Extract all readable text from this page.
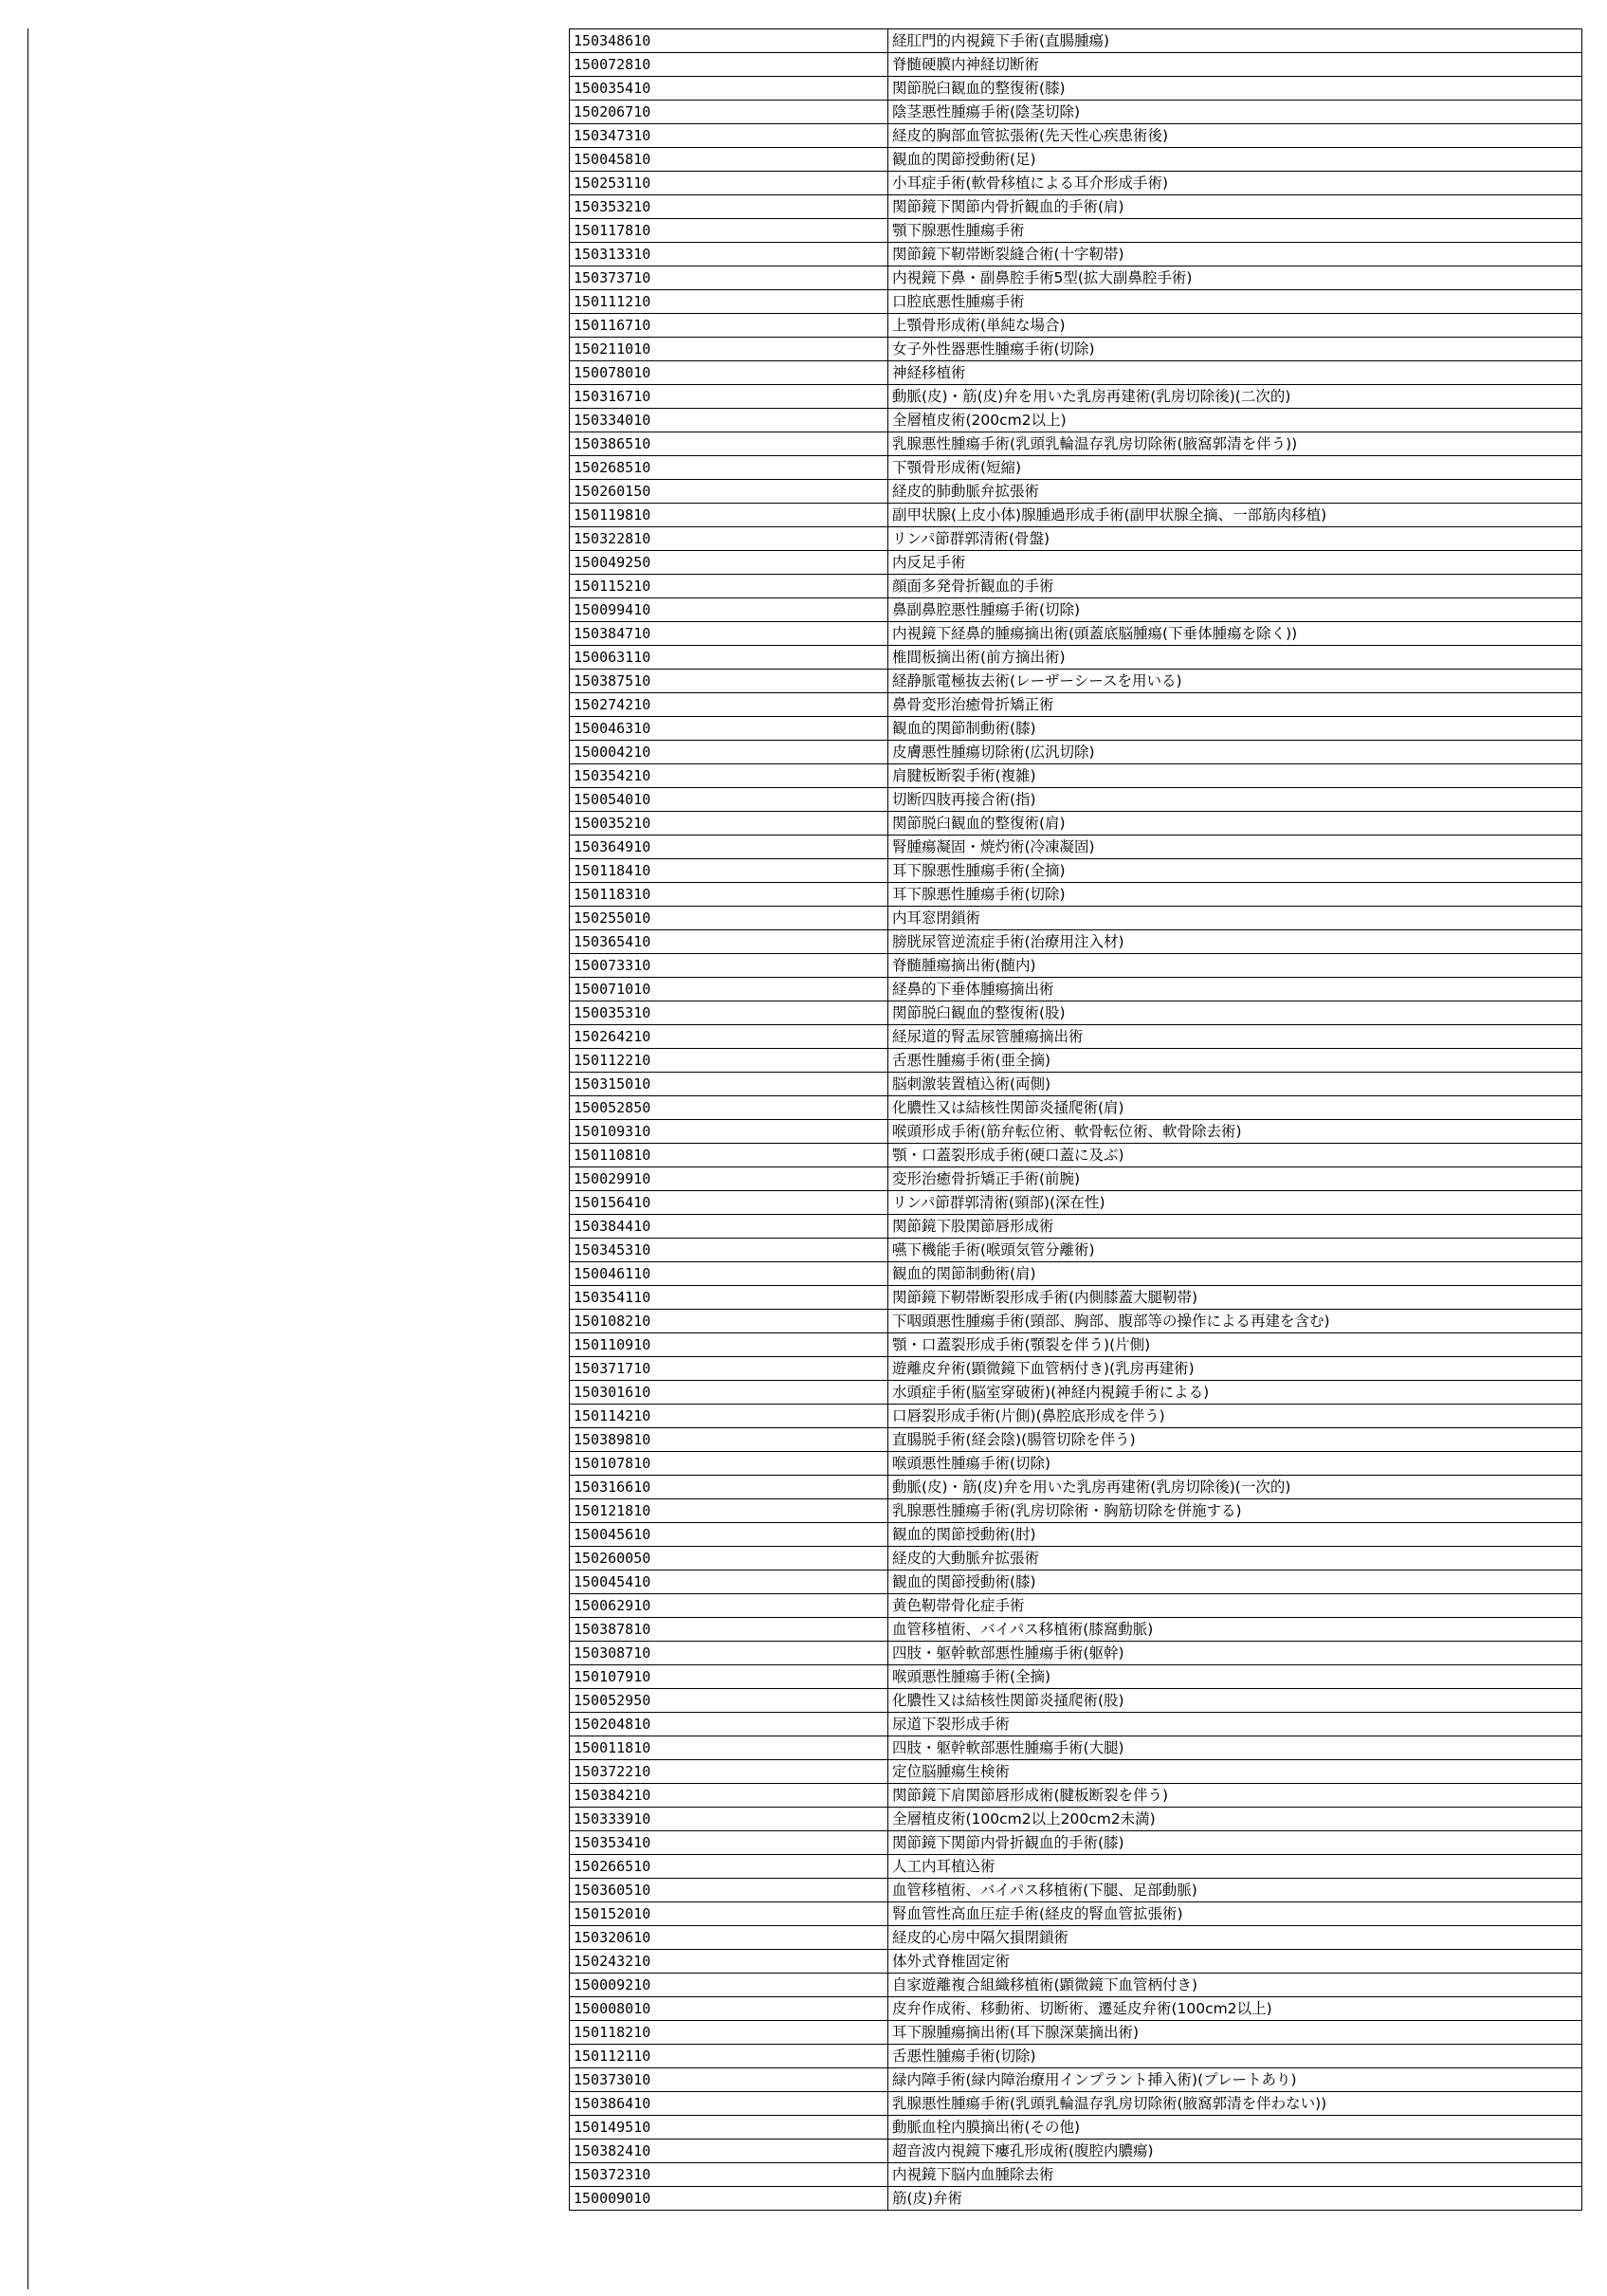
150348610	経肛門的内視鏡下手術(直腸腫瘍)
150072810	脊髄硬膜内神経切断術
150035410	関節脱臼観血的整復術(膝)
150206710	陰茎悪性腫瘍手術(陰茎切除)
150347310	経皮的胸部血管拡張術(先天性心疾患術後)
150045810	観血的関節授動術(足)
150253110	小耳症手術(軟骨移植による耳介形成手術)
150353210	関節鏡下関節内骨折観血的手術(肩)
150117810	顎下腺悪性腫瘍手術
150313310	関節鏡下靭帯断裂縫合術(十字靭帯)
150373710	内視鏡下鼻・副鼻腔手術5型(拡大副鼻腔手術)
150111210	口腔底悪性腫瘍手術
150116710	上顎骨形成術(単純な場合)
150211010	女子外性器悪性腫瘍手術(切除)
150078010	神経移植術
150316710	動脈(皮)・筋(皮)弁を用いた乳房再建術(乳房切除後)(二次的)
150334010	全層植皮術(200cm2以上)
150386510	乳腺悪性腫瘍手術(乳頭乳輪温存乳房切除術(腋窩郭清を伴う))
150268510	下顎骨形成術(短縮)
150260150	経皮的肺動脈弁拡張術
150119810	副甲状腺(上皮小体)腺腫過形成手術(副甲状腺全摘、一部筋肉移植)
150322810	リンパ節群郭清術(骨盤)
150049250	内反足手術
150115210	顔面多発骨折観血的手術
150099410	鼻副鼻腔悪性腫瘍手術(切除)
150384710	内視鏡下経鼻的腫瘍摘出術(頭蓋底脳腫瘍(下垂体腫瘍を除く))
150063110	椎間板摘出術(前方摘出術)
150387510	経静脈電極抜去術(レーザーシースを用いる)
150274210	鼻骨変形治癒骨折矯正術
150046310	観血的関節制動術(膝)
150004210	皮膚悪性腫瘍切除術(広汎切除)
150354210	肩腱板断裂手術(複雑)
150054010	切断四肢再接合術(指)
150035210	関節脱臼観血的整復術(肩)
150364910	腎腫瘍凝固・焼灼術(冷凍凝固)
150118410	耳下腺悪性腫瘍手術(全摘)
150118310	耳下腺悪性腫瘍手術(切除)
150255010	内耳窓閉鎖術
150365410	膀胱尿管逆流症手術(治療用注入材)
150073310	脊髄腫瘍摘出術(髄内)
150071010	経鼻的下垂体腫瘍摘出術
150035310	関節脱臼観血的整復術(股)
150264210	経尿道的腎盂尿管腫瘍摘出術
150112210	舌悪性腫瘍手術(亜全摘)
150315010	脳刺激装置植込術(両側)
150052850	化膿性又は結核性関節炎掻爬術(肩)
150109310	喉頭形成手術(筋弁転位術、軟骨転位術、軟骨除去術)
150110810	顎・口蓋裂形成手術(硬口蓋に及ぶ)
150029910	変形治癒骨折矯正手術(前腕)
150156410	リンパ節群郭清術(頸部)(深在性)
150384410	関節鏡下股関節唇形成術
150345310	嚥下機能手術(喉頭気管分離術)
150046110	観血的関節制動術(肩)
150354110	関節鏡下靭帯断裂形成手術(内側膝蓋大腿靭帯)
150108210	下咽頭悪性腫瘍手術(頸部、胸部、腹部等の操作による再建を含む)
150110910	顎・口蓋裂形成手術(顎裂を伴う)(片側)
150371710	遊離皮弁術(顕微鏡下血管柄付き)(乳房再建術)
150301610	水頭症手術(脳室穿破術)(神経内視鏡手術による)
150114210	口唇裂形成手術(片側)(鼻腔底形成を伴う)
150389810	直腸脱手術(経会陰)(腸管切除を伴う)
150107810	喉頭悪性腫瘍手術(切除)
150316610	動脈(皮)・筋(皮)弁を用いた乳房再建術(乳房切除後)(一次的)
150121810	乳腺悪性腫瘍手術(乳房切除術・胸筋切除を併施する)
150045610	観血的関節授動術(肘)
150260050	経皮的大動脈弁拡張術
150045410	観血的関節授動術(膝)
150062910	黄色靭帯骨化症手術
150387810	血管移植術、バイパス移植術(膝窩動脈)
150308710	四肢・躯幹軟部悪性腫瘍手術(躯幹)
150107910	喉頭悪性腫瘍手術(全摘)
150052950	化膿性又は結核性関節炎掻爬術(股)
150204810	尿道下裂形成手術
150011810	四肢・躯幹軟部悪性腫瘍手術(大腿)
150372210	定位脳腫瘍生検術
150384210	関節鏡下肩関節唇形成術(腱板断裂を伴う)
150333910	全層植皮術(100cm2以上200cm2未満)
150353410	関節鏡下関節内骨折観血的手術(膝)
150266510	人工内耳植込術
150360510	血管移植術、バイパス移植術(下腿、足部動脈)
150152010	腎血管性高血圧症手術(経皮的腎血管拡張術)
150320610	経皮的心房中隔欠損閉鎖術
150243210	体外式脊椎固定術
150009210	自家遊離複合組織移植術(顕微鏡下血管柄付き)
150008010	皮弁作成術、移動術、切断術、遷延皮弁術(100cm2以上)
150118210	耳下腺腫瘍摘出術(耳下腺深葉摘出術)
150112110	舌悪性腫瘍手術(切除)
150373010	緑内障手術(緑内障治療用インプラント挿入術)(プレートあり)
150386410	乳腺悪性腫瘍手術(乳頭乳輪温存乳房切除術(腋窩郭清を伴わない))
150149510	動脈血栓内膜摘出術(その他)
150382410	超音波内視鏡下瘻孔形成術(腹腔内膿瘍)
150372310	内視鏡下脳内血腫除去術
150009010	筋(皮)弁術
